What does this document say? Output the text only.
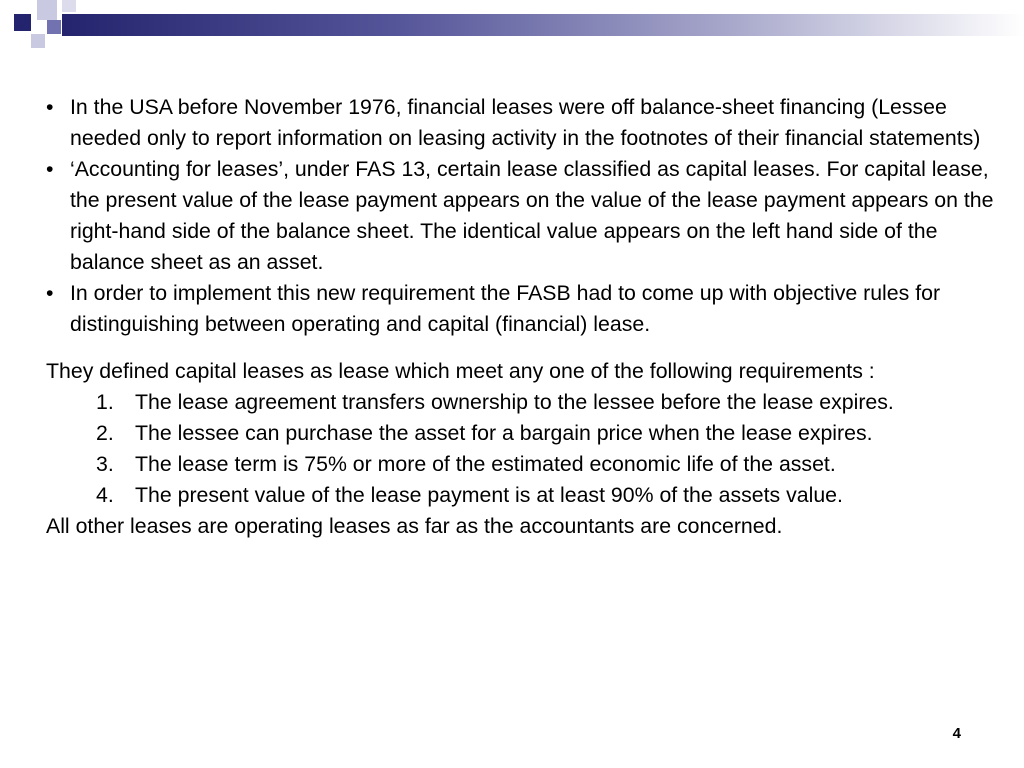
• In the USA before November 1976, financial leases were off balance-sheet financing (Lessee needed only to report information on leasing activity in the footnotes of their financial statements)
• ‘Accounting for leases’, under FAS 13, certain lease classified as capital leases. For capital lease, the present value of the lease payment appears on the value of the lease payment appears on the right-hand side of the balance sheet. The identical value appears on the left hand side of the balance sheet as an asset.
• In order to implement this new requirement the FASB had to come up with objective rules for distinguishing between operating and capital (financial) lease.
They defined capital leases as lease which meet any one of the following requirements :
1. The lease agreement transfers ownership to the lessee before the lease expires.
2. The lessee can purchase the asset for a bargain price when the lease expires.
3. The lease term is 75% or more of the estimated economic life of the asset.
4. The present value of the lease payment is at least 90% of the assets value.
All other leases are operating leases as far as the accountants are concerned.
4
